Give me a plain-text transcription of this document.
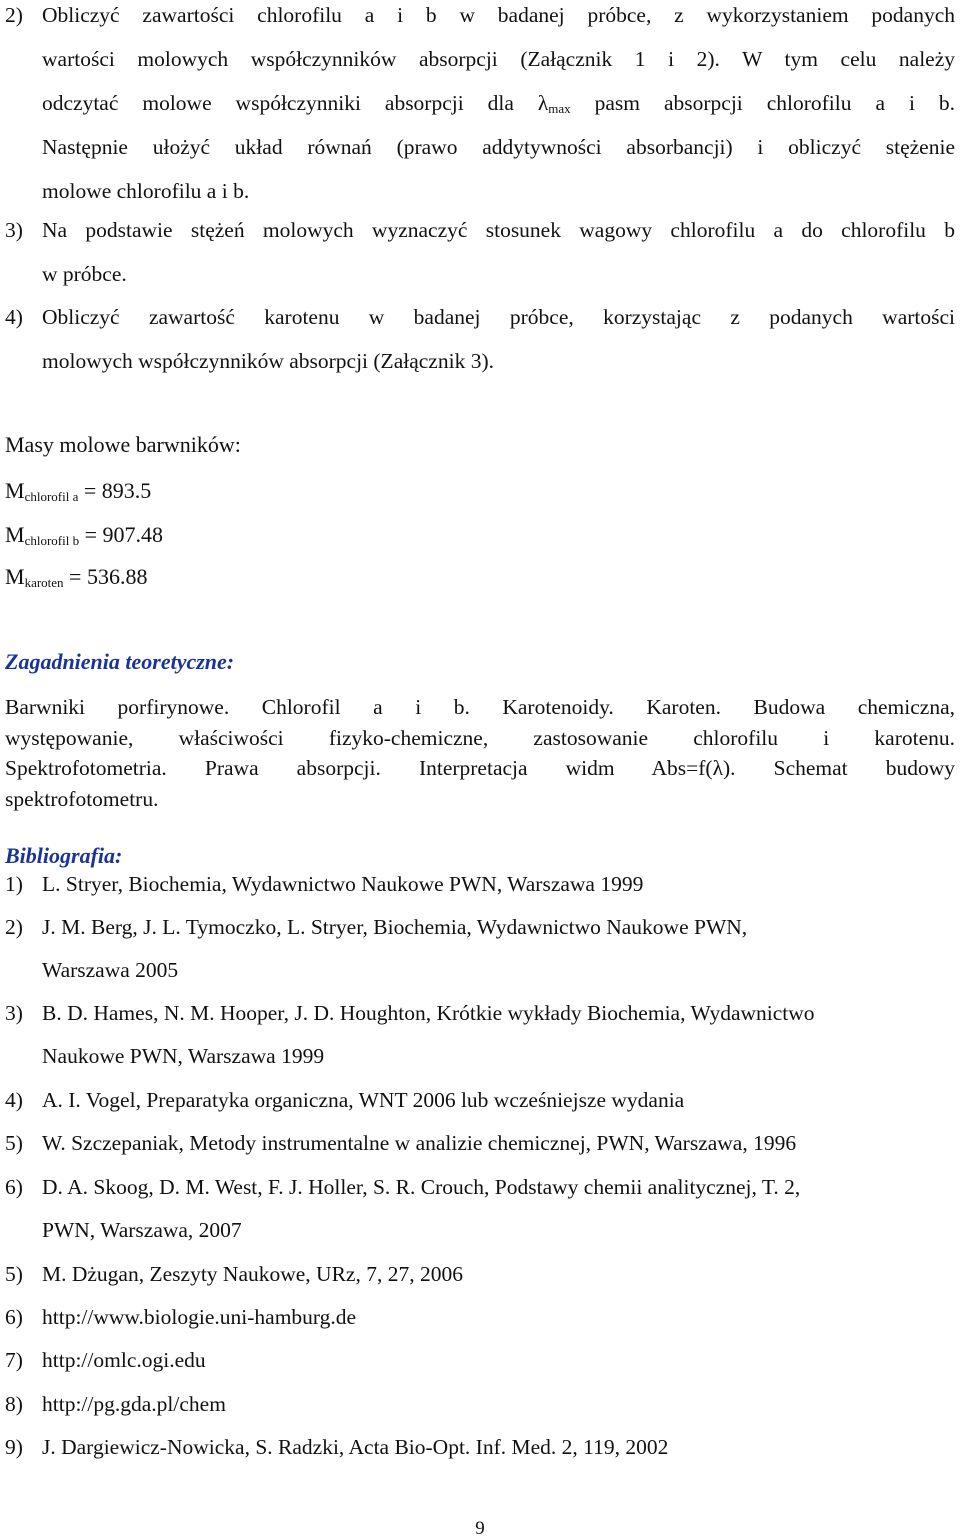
2) Obliczyć zawartości chlorofilu a i b w badanej próbce, z wykorzystaniem podanych
wartości molowych współczynników absorpcji (Załącznik 1 i 2). W tym celu należy
odczytać molowe współczynniki absorpcji dla $\lambda_{max}$ pasm absorpcji chlorofilu a i b.
Następnie ułożyć układ równań (prawo addytywności absorbancji) i obliczyć stężenie
molowe chlorofilu a i b.
3) Na podstawie stężeń molowych wyznaczyć stosunek wagowy chlorofilu a do chlorofilu b
w próbce.
4) Obliczyć zawartość karotenu w badanej próbce, korzystając z podanych wartości
molowych współczynników absorpcji (Załącznik 3).
Masy molowe barwników:
$M_{chlorofil a} = 893.5$
$M_{chlorofil b} = 907.48$
$M_{karoten} = 536.88$
Zagadnienia teoretyczne:
Barwniki porfirynowe. Chlorofil a i b. Karotenoidy. Karoten. Budowa chemiczna,
występowanie, właściwości fizyko-chemiczne, zastosowanie chlorofilu i karotenu.
Spektrofotometria. Prawa absorpcji. Interpretacja widm Abs=f(λ). Schemat budowy
spektrofotometru.
Bibliografia:
1) L. Stryer, Biochemia, Wydawnictwo Naukowe PWN, Warszawa 1999
2) J. M. Berg, J. L. Tymoczko, L. Stryer, Biochemia, Wydawnictwo Naukowe PWN,
Warszawa 2005
3) B. D. Hames, N. M. Hooper, J. D. Houghton, Krótkie wykłady Biochemia, Wydawnictwo
Naukowe PWN, Warszawa 1999
4) A. I. Vogel, Preparatyka organiczna, WNT 2006 lub wcześniejsze wydania
5) W. Szczepaniak, Metody instrumentalne w analizie chemicznej, PWN, Warszawa, 1996
6) D. A. Skoog, D. M. West, F. J. Holler, S. R. Crouch, Podstawy chemii analitycznej, T. 2,
PWN, Warszawa, 2007
5) M. Dżugan, Zeszyty Naukowe, URz, 7, 27, 2006
6) http://www.biologie.uni-hamburg.de
7) http://omlc.ogi.edu
8) http://pg.gda.pl/chem
9) J. Dargiewicz-Nowicka, S. Radzki, Acta Bio-Opt. Inf. Med. 2, 119, 2002
9
